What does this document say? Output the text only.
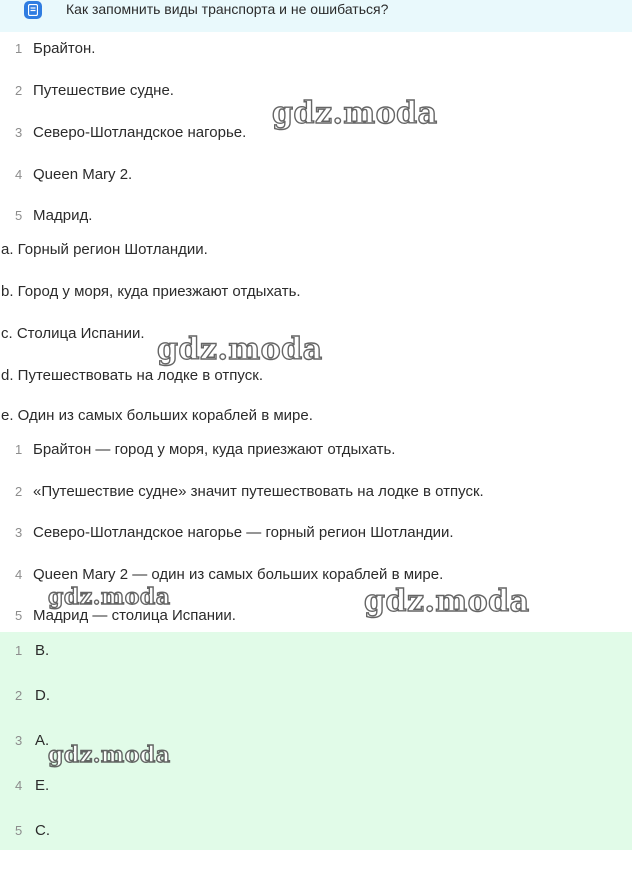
Как запомнить виды транспорта и не ошибаться?
1 Брайтон.
2 Путешествие судне.
3 Северо-Шотландское нагорье.
4 Queen Mary 2.
5 Мадрид.
a. Горный регион Шотландии.
b. Город у моря, куда приезжают отдыхать.
c. Столица Испании.
d. Путешествовать на лодке в отпуск.
e. Один из самых больших кораблей в мире.
1 Брайтон — город у моря, куда приезжают отдыхать.
2 «Путешествие судне» значит путешествовать на лодке в отпуск.
3 Северо-Шотландское нагорье — горный регион Шотландии.
4 Queen Mary 2 — один из самых больших кораблей в мире.
5 Мадрид — столица Испании.
1 B.
2 D.
3 A.
4 E.
5 C.
gdz.moda
gdz.moda
gdz.moda	gdz.moda
gdz.moda
